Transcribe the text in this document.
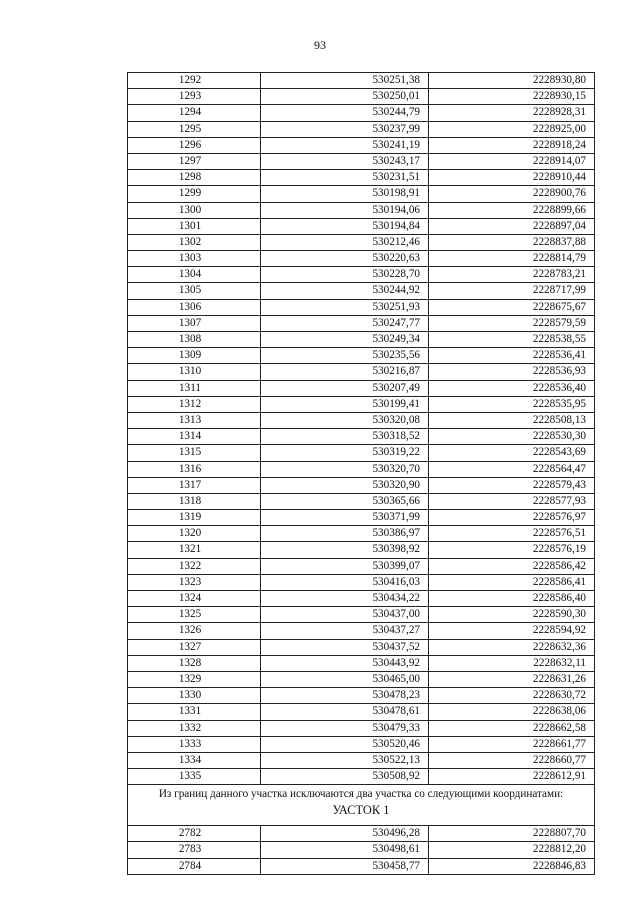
93
1292	530251,38	2228930,80
1293	530250,01	2228930,15
1294	530244,79	2228928,31
1295	530237,99	2228925,00
1296	530241,19	2228918,24
1297	530243,17	2228914,07
1298	530231,51	2228910,44
1299	530198,91	2228900,76
1300	530194,06	2228899,66
1301	530194,84	2228897,04
1302	530212,46	2228837,88
1303	530220,63	2228814,79
1304	530228,70	2228783,21
1305	530244,92	2228717,99
1306	530251,93	2228675,67
1307	530247,77	2228579,59
1308	530249,34	2228538,55
1309	530235,56	2228536,41
1310	530216,87	2228536,93
1311	530207,49	2228536,40
1312	530199,41	2228535,95
1313	530320,08	2228508,13
1314	530318,52	2228530,30
1315	530319,22	2228543,69
1316	530320,70	2228564,47
1317	530320,90	2228579,43
1318	530365,66	2228577,93
1319	530371,99	2228576,97
1320	530386,97	2228576,51
1321	530398,92	2228576,19
1322	530399,07	2228586,42
1323	530416,03	2228586,41
1324	530434,22	2228586,40
1325	530437,00	2228590,30
1326	530437,27	2228594,92
1327	530437,52	2228632,36
1328	530443,92	2228632,11
1329	530465,00	2228631,26
1330	530478,23	2228630,72
1331	530478,61	2228638,06
1332	530479,33	2228662,58
1333	530520,46	2228661,77
1334	530522,13	2228660,77
1335	530508,92	2228612,91
Из границ данного участка исключаются два участка со следующими координатами:
УАСТОК 1		

2782	530496,28	2228807,70
2783	530498,61	2228812,20
2784	530458,77	2228846,83
